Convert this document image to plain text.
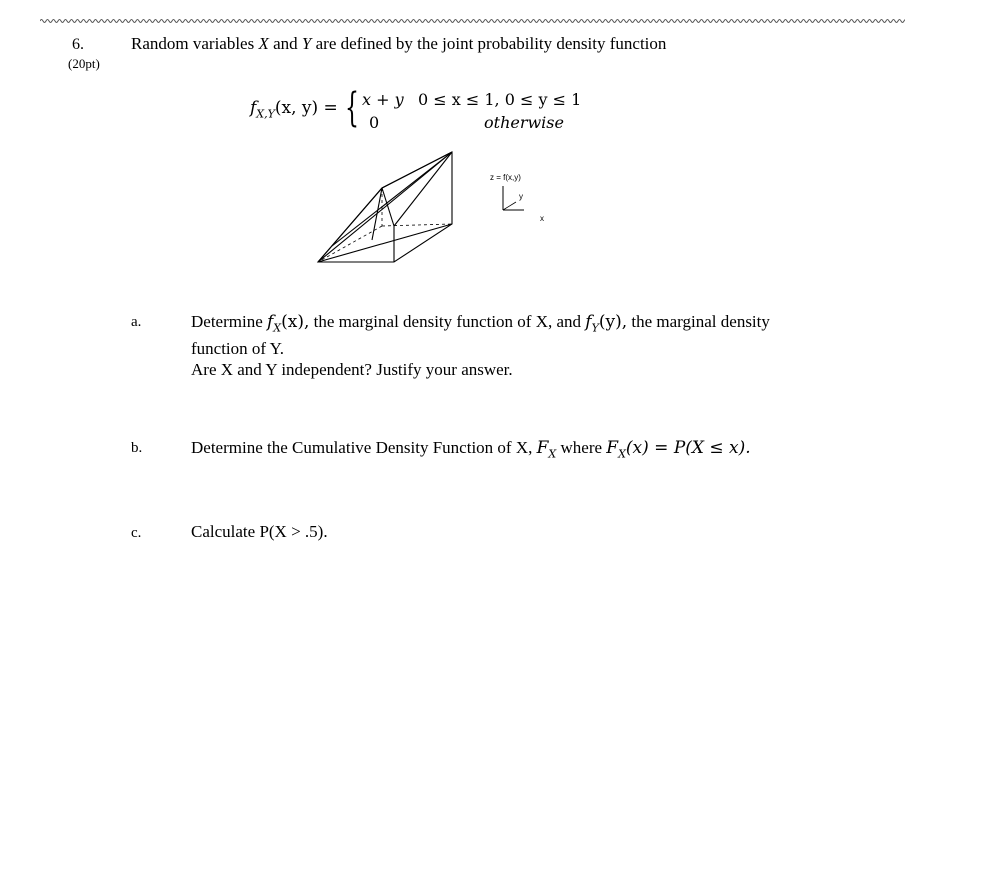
6.
(20pt)
Random variables X and Y are defined by the joint probability density function
$f_{X,Y}(x$, y) = { x + y
0
0 ≤ x ≤ 1, 0 ≤ y ≤ 1
otherwise
z = f(x,y)
y
x
a.	Determine $f_X(x)$, the marginal density function of X, and $f_Y(y)$, the marginal density
function of Y.
Are X and Y independent? Justify your answer.
b.	Determine the Cumulative Density Function of X, $F_X$ where $F_X(x) = P(X \le x)$.
c.	Calculate P(X > .5).
